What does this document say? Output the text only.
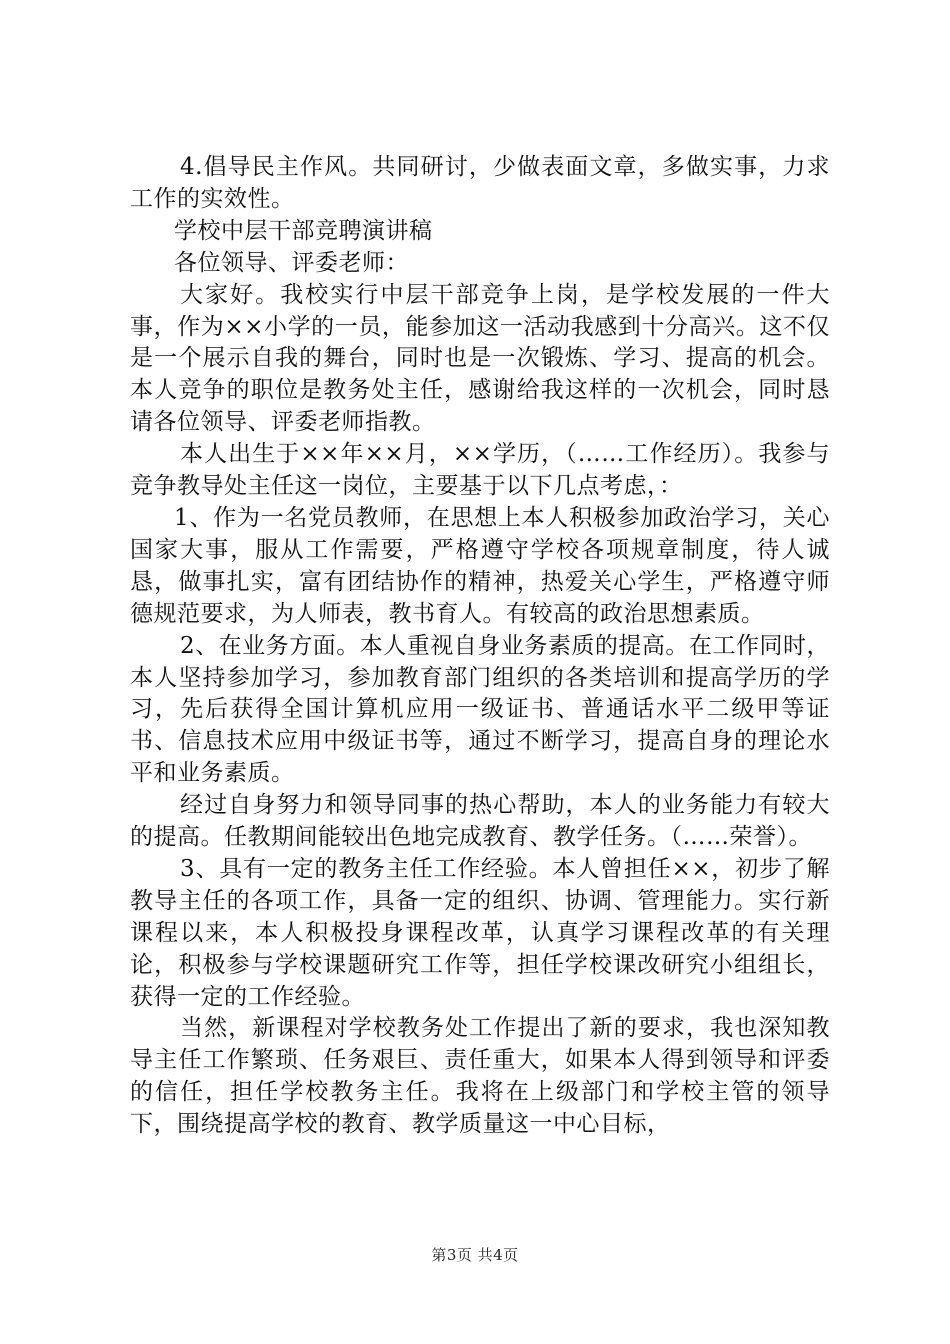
4.倡导民主作风。共同研讨，少做表面文章，多做实事，力求工作的实效性。

学校中层干部竞聘演讲稿

各位领导、评委老师：

大家好。我校实行中层干部竞争上岗，是学校发展的一件大事，作为××小学的一员，能参加这一活动我感到十分高兴。这不仅是一个展示自我的舞台，同时也是一次锻炼、学习、提高的机会。本人竞争的职位是教务处主任，感谢给我这样的一次机会，同时恳请各位领导、评委老师指教。

本人出生于××年××月，××学历，（……工作经历）。我参与竞争教导处主任这一岗位，主要基于以下几点考虑，：

1、作为一名党员教师，在思想上本人积极参加政治学习，关心国家大事，服从工作需要，严格遵守学校各项规章制度，待人诚恳，做事扎实，富有团结协作的精神，热爱关心学生，严格遵守师德规范要求，为人师表，教书育人。有较高的政治思想素质。

2、在业务方面。本人重视自身业务素质的提高。在工作同时，本人坚持参加学习，参加教育部门组织的各类培训和提高学历的学习，先后获得全国计算机应用一级证书、普通话水平二级甲等证书、信息技术应用中级证书等，通过不断学习，提高自身的理论水平和业务素质。

经过自身努力和领导同事的热心帮助，本人的业务能力有较大的提高。任教期间能较出色地完成教育、教学任务。（……荣誉）。

3、具有一定的教务主任工作经验。本人曾担任××，初步了解教导主任的各项工作，具备一定的组织、协调、管理能力。实行新课程以来，本人积极投身课程改革，认真学习课程改革的有关理论，积极参与学校课题研究工作等，担任学校课改研究小组组长，获得一定的工作经验。

当然，新课程对学校教务处工作提出了新的要求，我也深知教导主任工作繁琐、任务艰巨、责任重大，如果本人得到领导和评委的信任，担任学校教务主任。我将在上级部门和学校主管的领导下，围绕提高学校的教育、教学质量这一中心目标，

第3页 共4页
